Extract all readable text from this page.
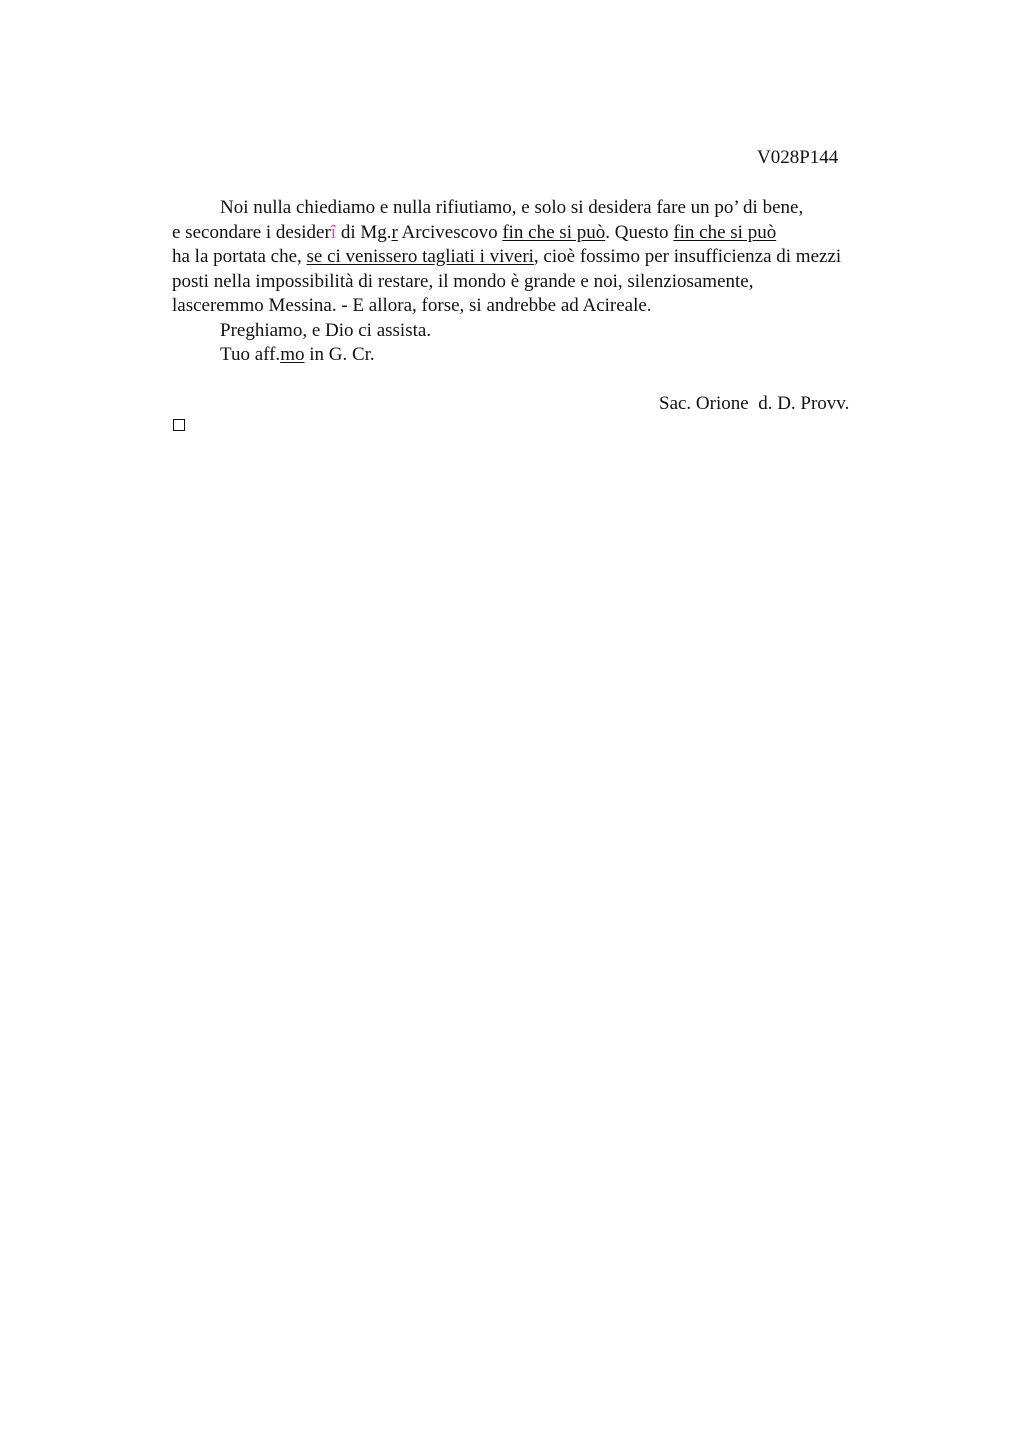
V028P144
Noi nulla chiediamo e nulla rifiutiamo, e solo si desidera fare un po’ di bene,
e secondare i desiderî di Mg.r Arcivescovo fin che si può. Questo fin che si può
ha la portata che, se ci venissero tagliati i viveri, cioè fossimo per insufficienza di mezzi
posti nella impossibilità di restare, il mondo è grande e noi, silenziosamente,
lasceremmo Messina. - E allora, forse, si andrebbe ad Acireale.
Preghiamo, e Dio ci assista.
Tuo aff.mo in G. Cr.
Sac. Orione  d. D. Provv.
